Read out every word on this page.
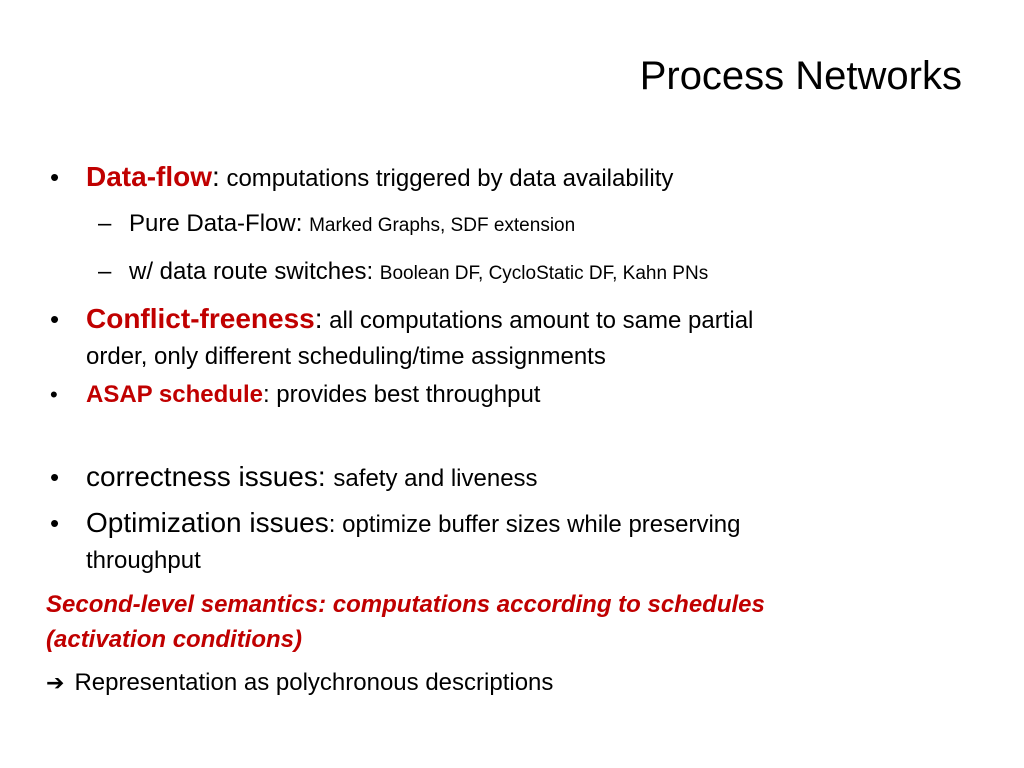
Process Networks
• Data-flow: computations triggered by data availability
– Pure Data-Flow: Marked Graphs, SDF extension
– w/ data route switches: Boolean DF, CycloStatic DF, Kahn PNs
• Conflict-freeness: all computations amount to same partial
order, only different scheduling/time assignments
• ASAP schedule: provides best throughput
• correctness issues: safety and liveness
• Optimization issues: optimize buffer sizes while preserving
throughput
Second-level semantics: computations according to schedules
(activation conditions)
➔ Representation as polychronous descriptions
